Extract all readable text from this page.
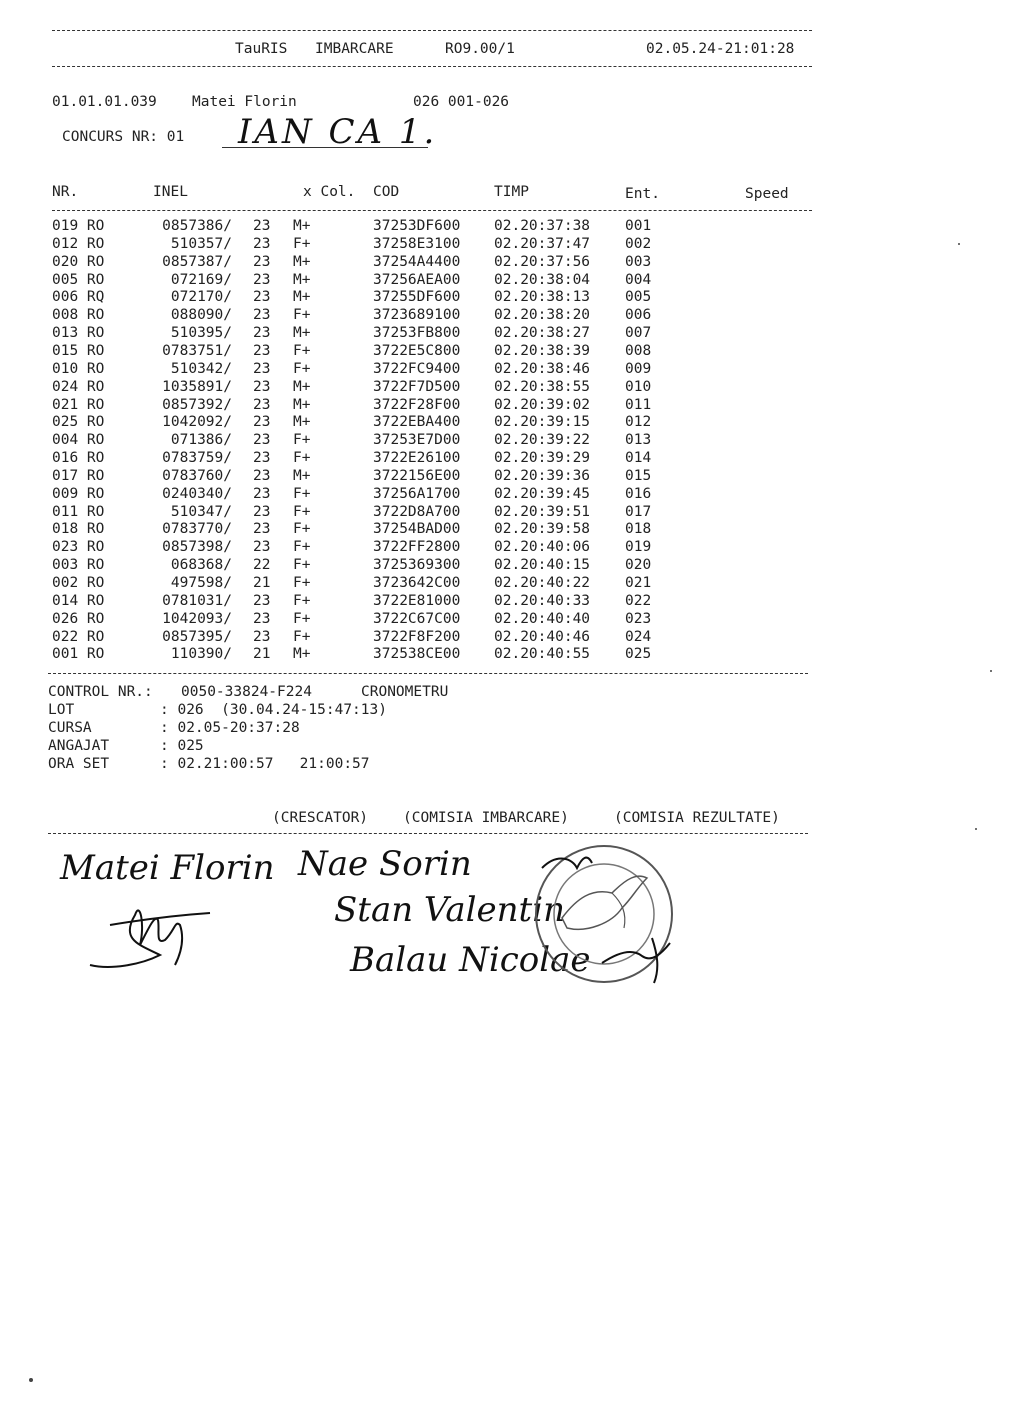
TauRIS IMBARCARE	RO9.00/1	02.05.24-21:01:28
01.01.01.039 Matei Florin	026 001-026
CONCURS NR: 01 IAN CA 1.
NR.	INEL	x Col. COD	TIMP	Ent.	Speed
019 RO	0857386/ 23 M+	37253DF600 02.20:37:38 001
012 RO	510357/ 23 F+	37258E3100 02.20:37:47 002
020 RO	0857387/ 23 M+	37254A4400 02.20:37:56 003
005 RO	072169/ 23 M+	37256AEA00 02.20:38:04 004
006 RQ	072170/ 23 M+	37255DF600 02.20:38:13 005
008 RO	088090/ 23 F+	3723689100 02.20:38:20 006
013 RO	510395/ 23 M+	37253FB800 02.20:38:27 007
015 RO	0783751/ 23 F+	3722E5C800 02.20:38:39 008
010 RO	510342/ 23 F+	3722FC9400 02.20:38:46 009
024 RO	1035891/ 23 M+	3722F7D500 02.20:38:55 010
021 RO	0857392/ 23 M+	3722F28F00 02.20:39:02 011
025 RO	1042092/ 23 M+	3722EBA400 02.20:39:15 012
004 RO	071386/ 23 F+	37253E7D00 02.20:39:22 013
016 RO	0783759/ 23 F+	3722E26100 02.20:39:29 014
017 RO	0783760/ 23 M+	3722156E00 02.20:39:36 015
009 RO	0240340/ 23 F+	37256A1700 02.20:39:45 016
011 RO	510347/ 23 F+	3722D8A700 02.20:39:51 017
018 RO	0783770/ 23 F+	37254BAD00 02.20:39:58 018
023 RO	0857398/ 23 F+	3722FF2800 02.20:40:06 019
003 RO	068368/ 22 F+	3725369300 02.20:40:15 020
002 RO	497598/ 21 F+	3723642C00 02.20:40:22 021
014 RO	0781031/ 23 F+	3722E81000 02.20:40:33 022
026 RO	1042093/ 23 F+	3722C67C00 02.20:40:40 023
022 RO	0857395/ 23 F+	3722F8F200 02.20:40:46 024
001 RO	110390/ 21 M+	372538CE00 02.20:40:55 025
CONTROL NR.: 0050-33824-F224	CRONOMETRU
LOT	: 026  (30.04.24-15:47:13)
CURSA	: 02.05-20:37:28
ANGAJAT	: 025
ORA SET	: 02.21:00:57   21:00:57
(CRESCATOR) (COMISIA IMBARCARE)	(COMISIA REZULTATE)
Matei Florin Nae Sorin
Stan Valentin
Balau Nicolae
